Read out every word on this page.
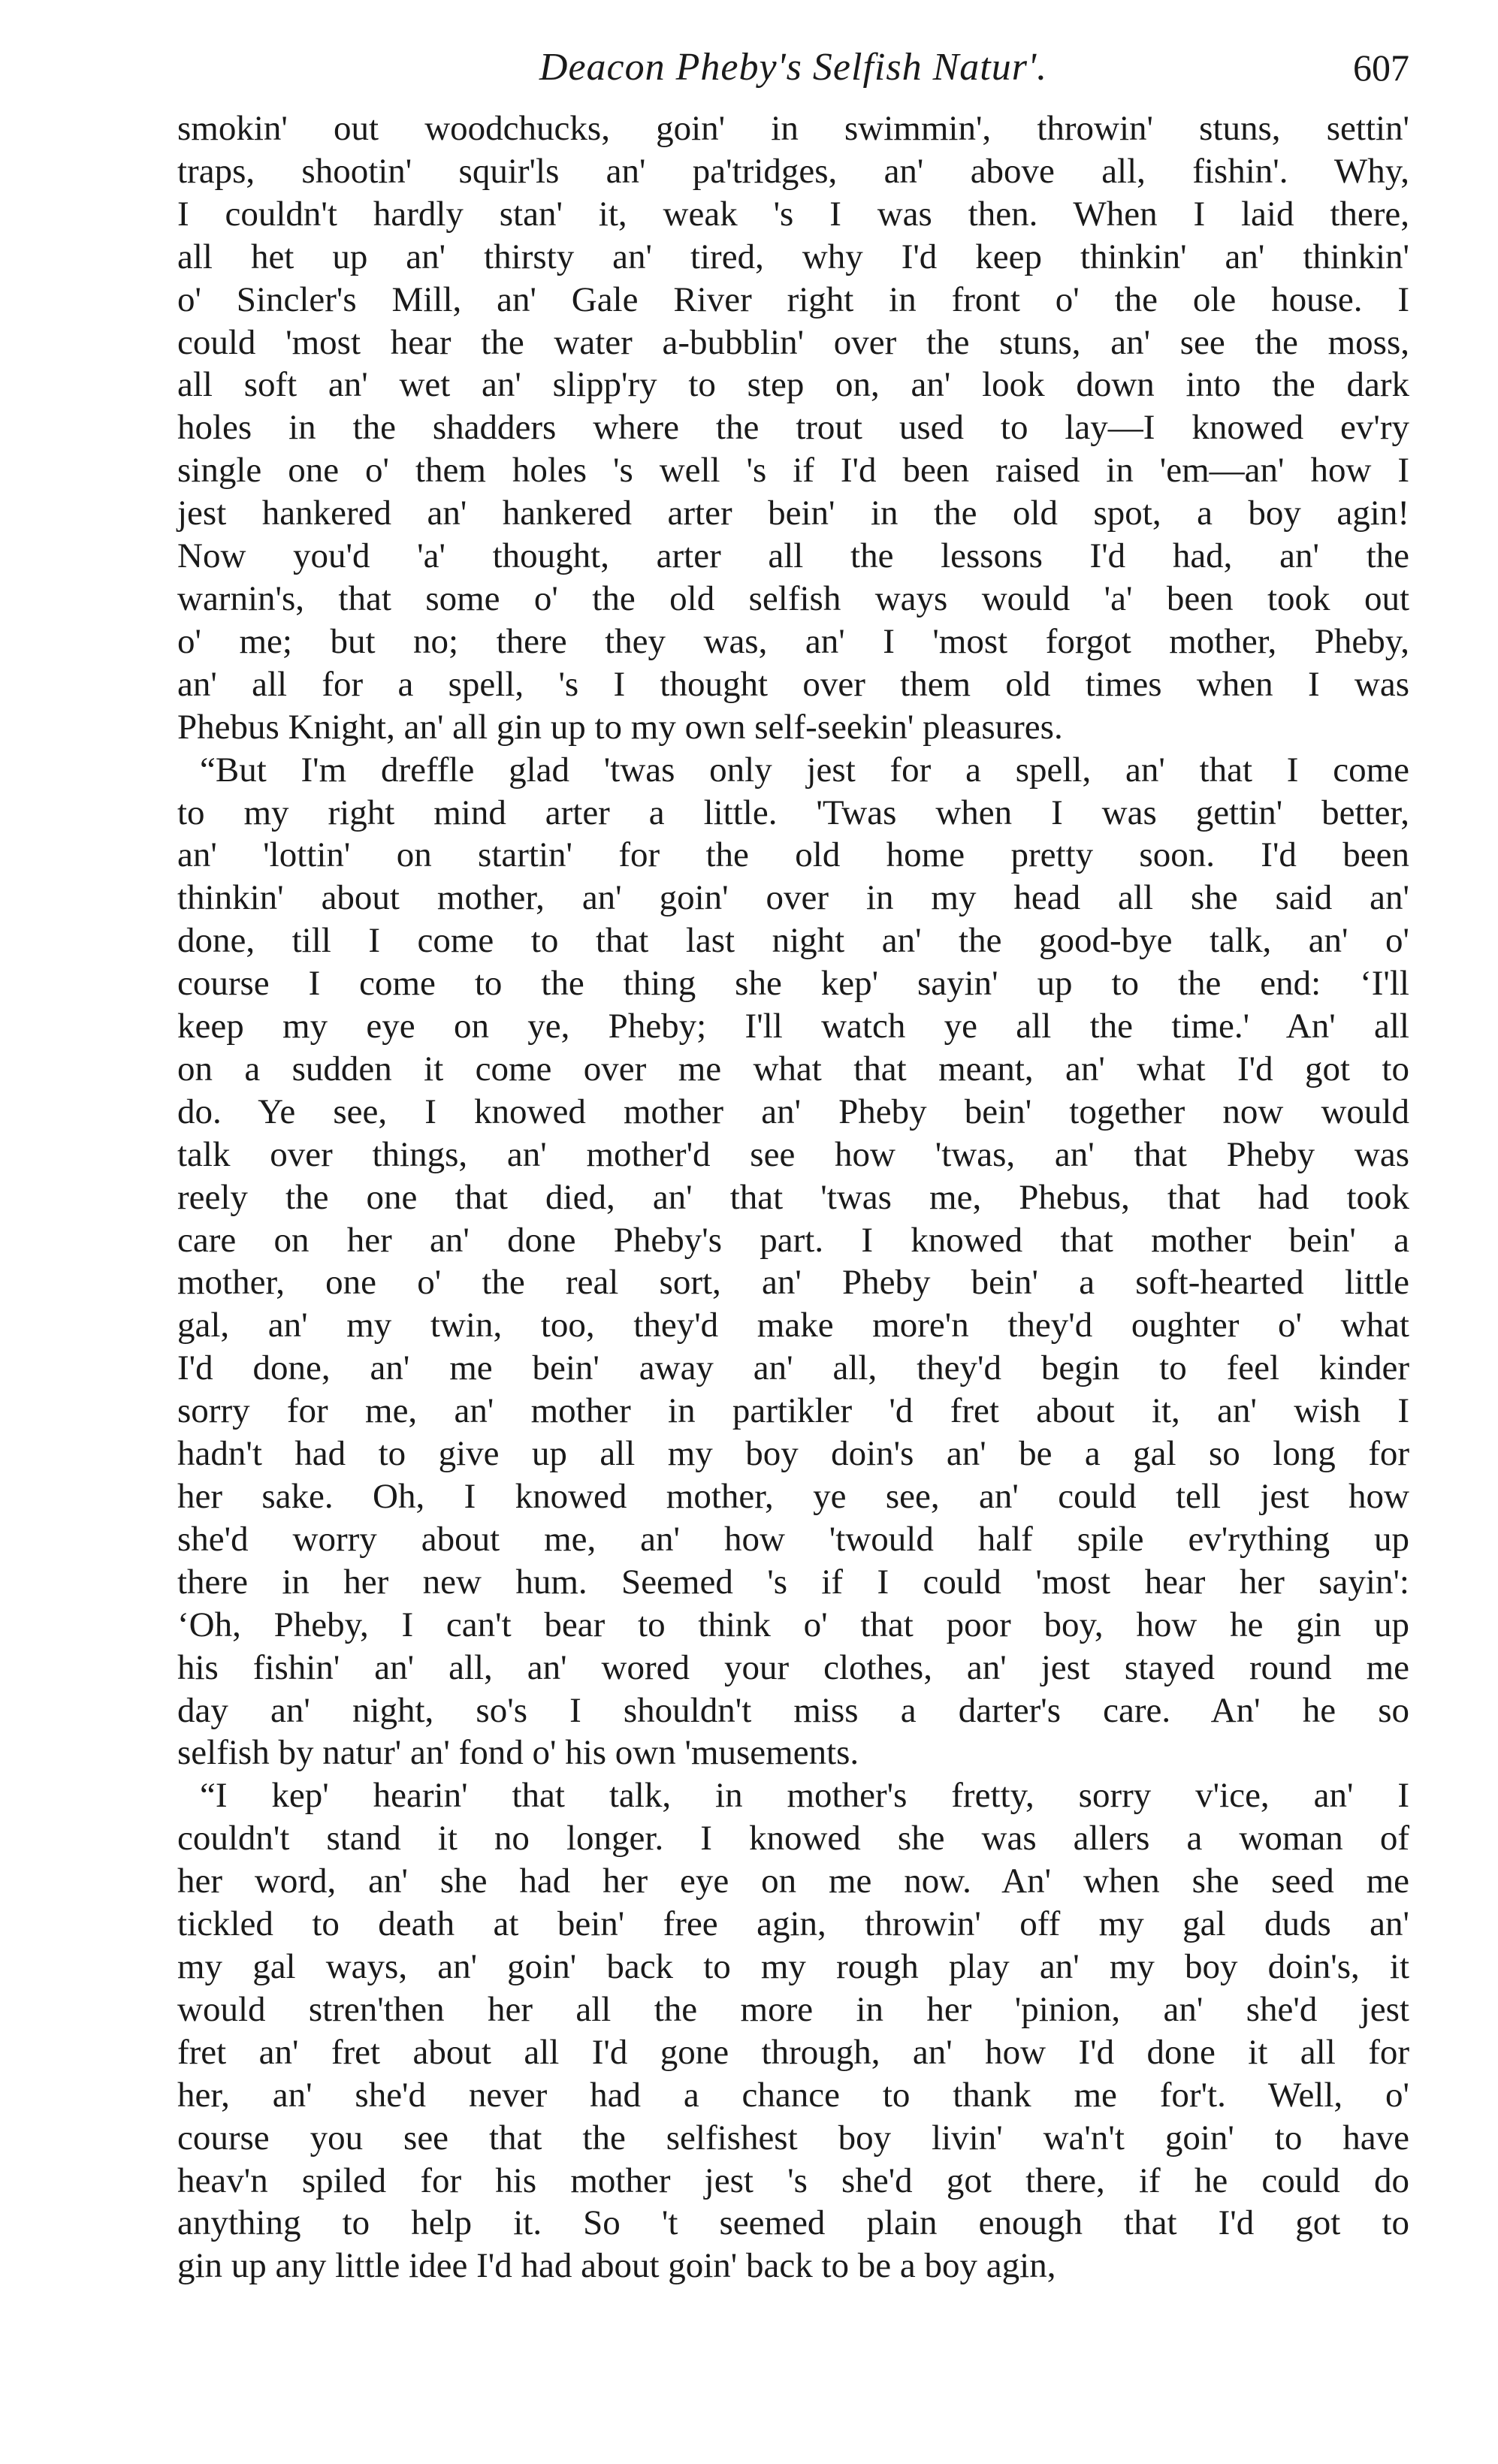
Deacon Pheby's Selfish Natur'.	607

smokin' out woodchucks, goin' in swimmin', throwin' stuns, settin'

traps, shootin' squir'ls an' pa'tridges, an' above all, fishin'. Why,

I couldn't hardly stan' it, weak 's I was then. When I laid there,

all het up an' thirsty an' tired, why I'd keep thinkin' an' thinkin'

o' Sincler's Mill, an' Gale River right in front o' the ole house. I

could 'most hear the water a-bubblin' over the stuns, an' see the moss,

all soft an' wet an' slipp'ry to step on, an' look down into the dark

holes in the shadders where the trout used to lay—I knowed ev'ry

single one o' them holes 's well 's if I'd been raised in 'em—an' how I

jest hankered an' hankered arter bein' in the old spot, a boy agin!

Now you'd 'a' thought, arter all the lessons I'd had, an' the

warnin's, that some o' the old selfish ways would 'a' been took out

o' me; but no; there they was, an' I 'most forgot mother, Pheby,

an' all for a spell, 's I thought over them old times when I was

Phebus Knight, an' all gin up to my own self-seekin' pleasures.

“But I'm dreffle glad 'twas only jest for a spell, an' that I come

to my right mind arter a little. 'Twas when I was gettin' better,

an' 'lottin' on startin' for the old home pretty soon. I'd been

thinkin' about mother, an' goin' over in my head all she said an'

done, till I come to that last night an' the good-bye talk, an' o'

course I come to the thing she kep' sayin' up to the end: ‘I'll

keep my eye on ye, Pheby; I'll watch ye all the time.' An' all

on a sudden it come over me what that meant, an' what I'd got to

do. Ye see, I knowed mother an' Pheby bein' together now would

talk over things, an' mother'd see how 'twas, an' that Pheby was

reely the one that died, an' that 'twas me, Phebus, that had took

care on her an' done Pheby's part. I knowed that mother bein' a

mother, one o' the real sort, an' Pheby bein' a soft-hearted little

gal, an' my twin, too, they'd make more'n they'd oughter o' what

I'd done, an' me bein' away an' all, they'd begin to feel kinder

sorry for me, an' mother in partikler 'd fret about it, an' wish I

hadn't had to give up all my boy doin's an' be a gal so long for

her sake. Oh, I knowed mother, ye see, an' could tell jest how

she'd worry about me, an' how 'twould half spile ev'rything up

there in her new hum. Seemed 's if I could 'most hear her sayin':

‘Oh, Pheby, I can't bear to think o' that poor boy, how he gin up

his fishin' an' all, an' wored your clothes, an' jest stayed round me

day an' night, so's I shouldn't miss a darter's care. An' he so

selfish by natur' an' fond o' his own 'musements.

“I kep' hearin' that talk, in mother's fretty, sorry v'ice, an' I

couldn't stand it no longer. I knowed she was allers a woman of

her word, an' she had her eye on me now. An' when she seed me

tickled to death at bein' free agin, throwin' off my gal duds an'

my gal ways, an' goin' back to my rough play an' my boy doin's, it

would stren'then her all the more in her 'pinion, an' she'd jest

fret an' fret about all I'd gone through, an' how I'd done it all for

her, an' she'd never had a chance to thank me for't. Well, o'

course you see that the selfishest boy livin' wa'n't goin' to have

heav'n spiled for his mother jest 's she'd got there, if he could do

anything to help it. So 't seemed plain enough that I'd got to

gin up any little idee I'd had about goin' back to be a boy agin,
